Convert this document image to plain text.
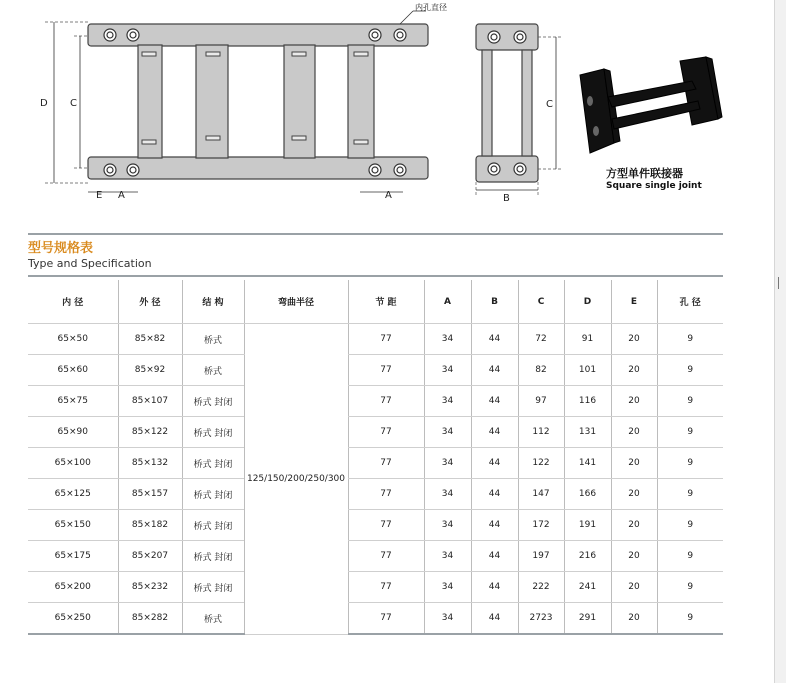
D C
E A	A
内孔直径
C
B
方型单件联接器
Square single joint
型号规格表
Type and Specification
内 径	外 径	结 构	弯曲半径	节 距	A	B	C	D	E	孔 径
65×50	85×82	桥式	125/150/200/250/300	77	34	44	72	91	20	9
65×60	85×92	桥式		77	34	44	82	101	20	9
65×75	85×107	桥式 封闭		77	34	44	97	116	20	9
65×90	85×122	桥式 封闭		77	34	44	112	131	20	9
65×100	85×132	桥式 封闭		77	34	44	122	141	20	9
65×125	85×157	桥式 封闭		77	34	44	147	166	20	9
65×150	85×182	桥式 封闭		77	34	44	172	191	20	9
65×175	85×207	桥式 封闭		77	34	44	197	216	20	9
65×200	85×232	桥式 封闭		77	34	44	222	241	20	9
65×250	85×282	桥式		77	34	44	2723	291	20	9
